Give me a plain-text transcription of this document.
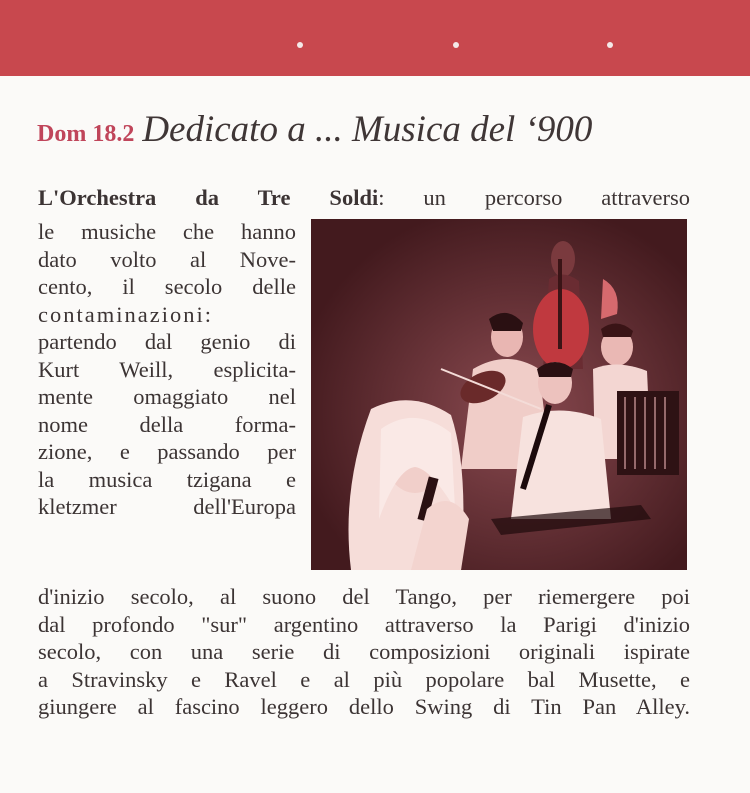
Dom 18.2 Dedicato a ... Musica del ‘900
L'Orchestra da Tre Soldi: un percorso attraverso
le musiche che hanno
dato volto al Nove-
cento, il secolo delle
contaminazioni:
partendo dal genio di
Kurt Weill, esplicita-
mente omaggiato nel
nome della forma-
zione, e passando per
la musica tzigana e
kletzmer dell'Europa
d'inizio secolo, al suono del Tango, per riemergere poi
dal profondo "sur" argentino attraverso la Parigi d'inizio
secolo, con una serie di composizioni originali ispirate
a Stravinsky e Ravel e al più popolare bal Musette, e
giungere al fascino leggero dello Swing di Tin Pan Alley.
